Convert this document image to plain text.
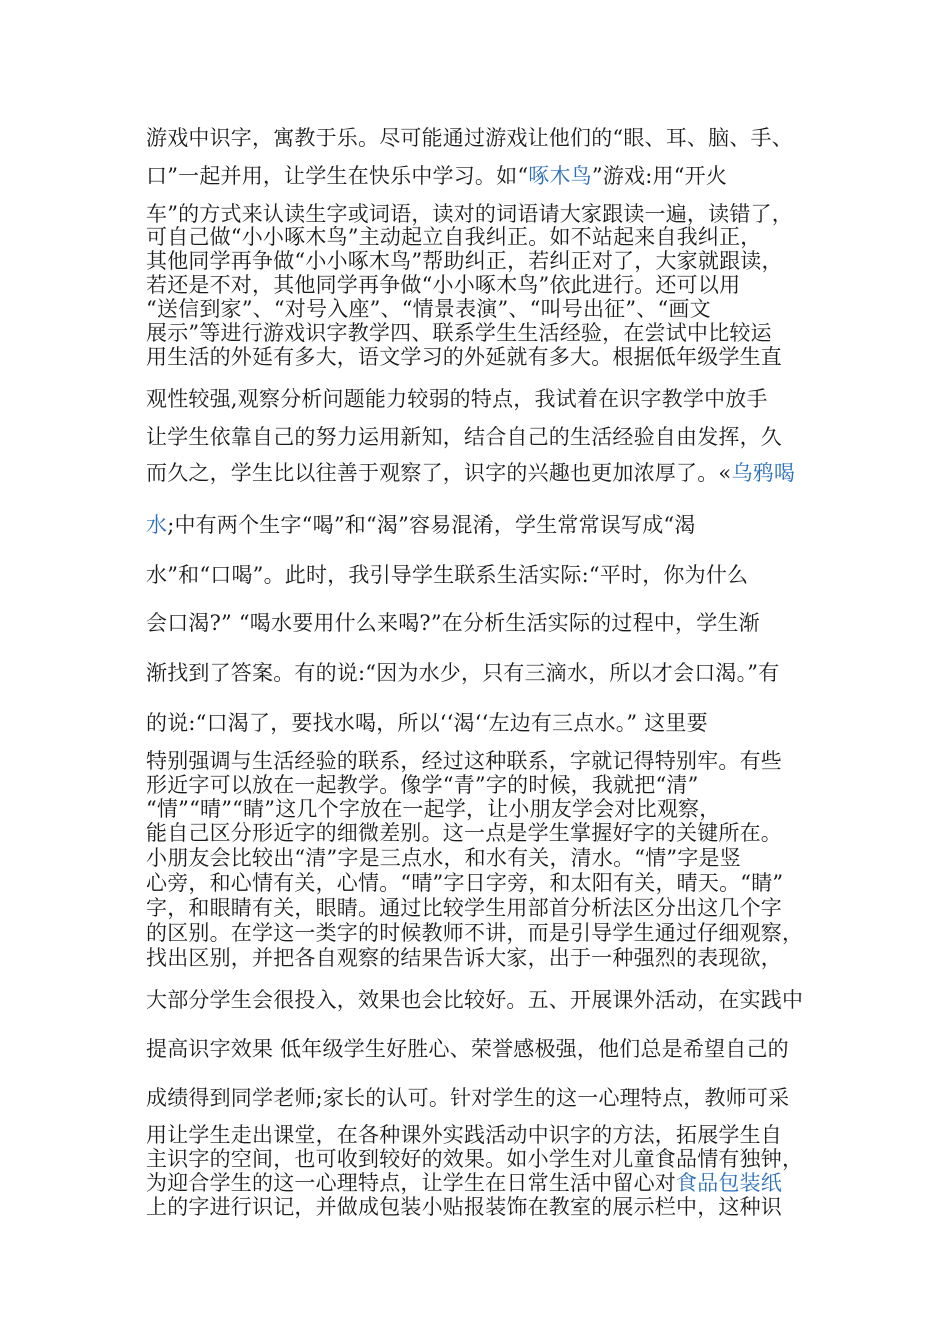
游戏中识字，寓教于乐。尽可能通过游戏让他们的“眼、耳、脑、手、
口”一起并用，让学生在快乐中学习。如“啄木鸟”游戏:用“开火
车”的方式来认读生字或词语，读对的词语请大家跟读一遍，读错了，
可自己做“小小啄木鸟”主动起立自我纠正。如不站起来自我纠正，
其他同学再争做“小小啄木鸟”帮助纠正，若纠正对了，大家就跟读，
若还是不对，其他同学再争做“小小啄木鸟”依此进行。还可以用
“送信到家”、“对号入座”、“情景表演”、“叫号出征”、“画文
展示”等进行游戏识字教学四、联系学生生活经验，在尝试中比较运
用生活的外延有多大，语文学习的外延就有多大。根据低年级学生直
观性较强,观察分析问题能力较弱的特点，我试着在识字教学中放手
让学生依靠自己的努力运用新知，结合自己的生活经验自由发挥，久
而久之，学生比以往善于观察了，识字的兴趣也更加浓厚了。«乌鸦喝
水;中有两个生字“喝”和“渴”容易混淆，学生常常误写成“渴
水”和“口喝”。此时，我引导学生联系生活实际:“平时，你为什么
会口渴?” “喝水要用什么来喝?”在分析生活实际的过程中，学生渐
渐找到了答案。有的说:“因为水少，只有三滴水，所以才会口渴。”有
的说:“口渴了，要找水喝，所以‘‘渴‘‘左边有三点水。” 这里要
特别强调与生活经验的联系，经过这种联系，字就记得特别牢。有些
形近字可以放在一起教学。像学“青”字的时候，我就把“清”
“情”“晴”“睛”这几个字放在一起学，让小朋友学会对比观察，
能自己区分形近字的细微差别。这一点是学生掌握好字的关键所在。
小朋友会比较出“清”字是三点水，和水有关，清水。“情”字是竖
心旁，和心情有关，心情。“晴”字日字旁，和太阳有关，晴天。“睛”
字，和眼睛有关，眼睛。通过比较学生用部首分析法区分出这几个字
的区别。在学这一类字的时候教师不讲，而是引导学生通过仔细观察，
找出区别，并把各自观察的结果告诉大家，出于一种强烈的表现欲，
大部分学生会很投入，效果也会比较好。五、开展课外活动，在实践中
提高识字效果 低年级学生好胜心、荣誉感极强，他们总是希望自己的
成绩得到同学老师;家长的认可。针对学生的这一心理特点，教师可采
用让学生走出课堂，在各种课外实践活动中识字的方法，拓展学生自
主识字的空间，也可收到较好的效果。如小学生对儿童食品情有独钟，
为迎合学生的这一心理特点，让学生在日常生活中留心对食品包装纸
上的字进行识记，并做成包装小贴报装饰在教室的展示栏中，这种识
